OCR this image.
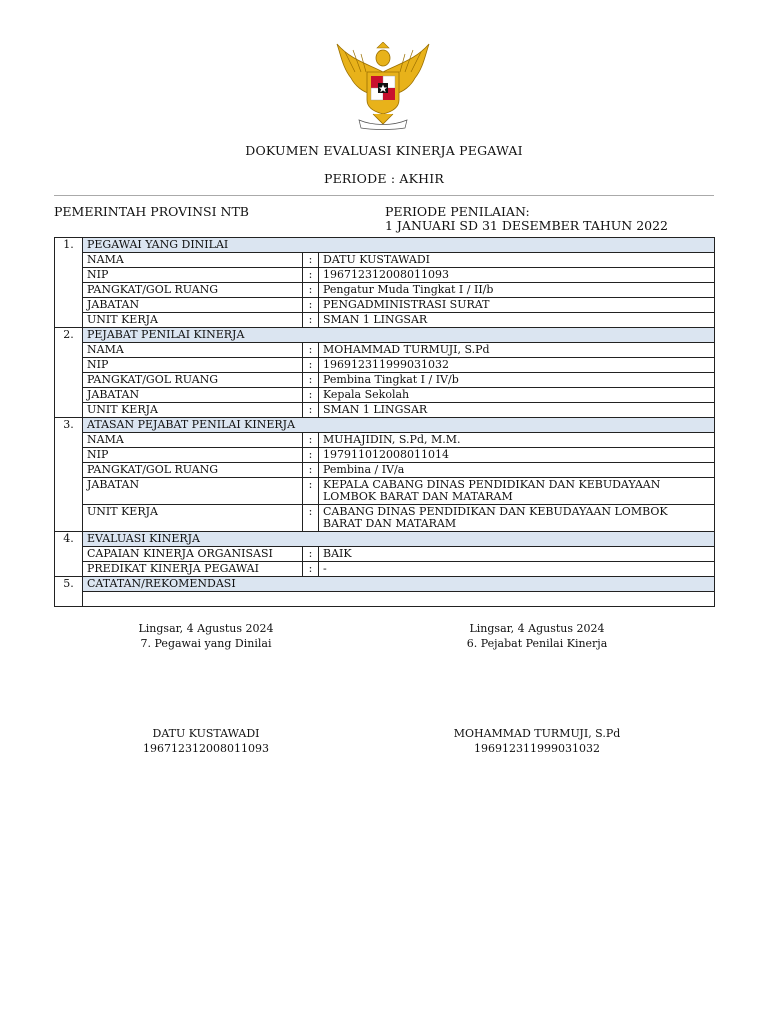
DOKUMEN EVALUASI KINERJA PEGAWAI
PERIODE : AKHIR
PEMERINTAH PROVINSI NTB	PERIODE PENILAIAN:
1 JANUARI SD 31 DESEMBER TAHUN 2022
1.	PEGAWAI YANG DINILAI		
	NAMA	:	DATU KUSTAWADI
	NIP	:	196712312008011093
	PANGKAT/GOL RUANG	:	Pengatur Muda Tingkat I / II/b
	JABATAN	:	PENGADMINISTRASI SURAT
	UNIT KERJA	:	SMAN 1 LINGSAR
2.	PEJABAT PENILAI KINERJA		
	NAMA	:	MOHAMMAD TURMUJI, S.Pd
	NIP	:	196912311999031032
	PANGKAT/GOL RUANG	:	Pembina Tingkat I / IV/b
	JABATAN	:	Kepala Sekolah
	UNIT KERJA	:	SMAN 1 LINGSAR
3.	ATASAN PEJABAT PENILAI KINERJA		
	NAMA	:	MUHAJIDIN, S.Pd, M.M.
	NIP	:	197911012008011014
	PANGKAT/GOL RUANG	:	Pembina / IV/a
	JABATAN	:	KEPALA CABANG DINAS PENDIDIKAN DAN KEBUDAYAAN LOMBOK BARAT DAN MATARAM
	UNIT KERJA	:	CABANG DINAS PENDIDIKAN DAN KEBUDAYAAN LOMBOK BARAT DAN MATARAM
4.	EVALUASI KINERJA		
	CAPAIAN KINERJA ORGANISASI	:	BAIK
	PREDIKAT KINERJA PEGAWAI	:	-
5.	CATATAN/REKOMENDASI		

Lingsar, 4 Agustus 2024
7. Pegawai yang Dinilai
DATU KUSTAWADI
196712312008011093
Lingsar, 4 Agustus 2024
6. Pejabat Penilai Kinerja
MOHAMMAD TURMUJI, S.Pd
196912311999031032
